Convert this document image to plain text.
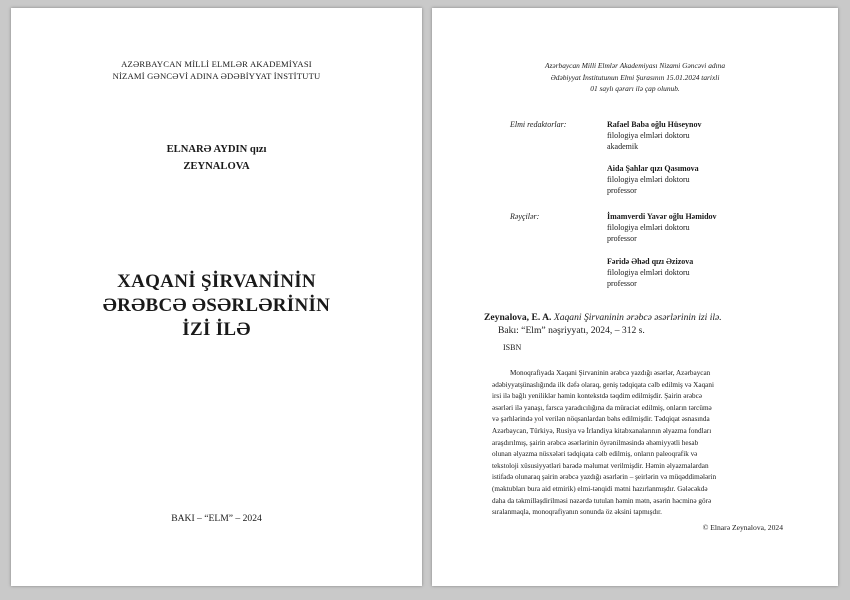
AZƏRBAYCAN MİLLİ ELMLƏR AKADEMİYASI
NİZAMİ GƏNCƏVİ ADINA ƏDƏBİYYAT İNSTİTUTU
ELNARƏ AYDIN qızı
ZEYNALOVA
XAQANİ ŞİRVANİNİN
ƏRƏBCƏ ƏSƏRLƏRİNİN
İZİ İLƏ
BAKI – “ELM” – 2024
Azərbaycan Milli Elmlər Akademiyası Nizami Gəncəvi adına
Ədəbiyyat İnstitutunun Elmi Şurasının 15.01.2024 tarixli
01 saylı qərarı ilə çap olunub.
Elmi redaktorlar:	Rafael Baba oğlu Hüseynov
filologiya elmləri doktoru
akademik
Aida Şahlar qızı Qasımova
filologiya elmləri doktoru
professor
Rəyçilər:	İmamverdi Yavər oğlu Həmidov
filologiya elmləri doktoru
professor
Fəridə Əhəd qızı Əzizova
filologiya elmləri doktoru
professor
Zeynalova, E. A. Xaqani Şirvaninin ərəbcə əsərlərinin izi ilə.
Bakı: “Elm” nəşriyyatı, 2024, – 312 s.
ISBN
Monoqrafiyada Xaqani Şirvaninin ərəbcə yazdığı əsərlər, Azərbaycan
ədəbiyyatşünaslığında ilk dəfə olaraq, geniş tədqiqata cəlb edilmiş və Xaqani
irsi ilə bağlı yeniliklər həmin kontekstdə təqdim edilmişdir. Şairin ərəbcə
əsərləri ilə yanaşı, farsca yaradıcılığına da müraciət edilmiş, onların tərcümə
və şərhlərində yol verilən nöqsanlardan bəhs edilmişdir. Tədqiqat əsnasında
Azərbaycan, Türkiyə, Rusiya və İrlandiya kitabxanalarının əlyazma fondları
araşdırılmış, şairin ərəbcə əsərlərinin öyrənilməsində əhəmiyyətli hesab
olunan əlyazma nüsxələri tədqiqata cəlb edilmiş, onların paleoqrafik və
tekstoloji xüsusiyyətləri barədə məlumat verilmişdir. Həmin əlyazmalardan
istifadə olunaraq şairin ərəbcə yazdığı əsərlərin – şeirlərin və müqəddimələrin
(məktubları bura aid etmirik) elmi-tənqidi mətni hazırlanmışdır. Gələcəkdə
daha da təkmilləşdirilməsi nəzərdə tutulan həmin mətn, əsərin həcminə görə
sıralanmaqla, monoqrafiyanın sonunda öz əksini tapmışdır.
© Elnarə Zeynalova, 2024
